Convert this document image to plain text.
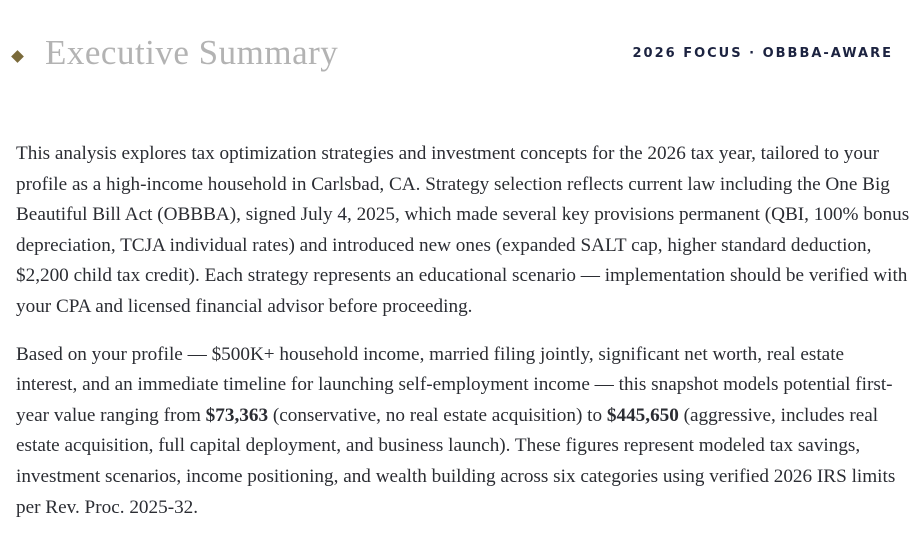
Executive Summary	2026 FOCUS · OBBBA-AWARE

This analysis explores tax optimization strategies and investment concepts for the 2026 tax year, tailored to your profile as a high-income household in Carlsbad, CA. Strategy selection reflects current law including the One Big Beautiful Bill Act (OBBBA), signed July 4, 2025, which made several key provisions permanent (QBI, 100% bonus depreciation, TCJA individual rates) and introduced new ones (expanded SALT cap, higher standard deduction, $2,200 child tax credit). Each strategy represents an educational scenario — implementation should be verified with your CPA and licensed financial advisor before proceeding.

Based on your profile — $500K+ household income, married filing jointly, significant net worth, real estate interest, and an immediate timeline for launching self-employment income — this snapshot models potential first-year value ranging from $73,363 (conservative, no real estate acquisition) to $445,650 (aggressive, includes real estate acquisition, full capital deployment, and business launch). These figures represent modeled tax savings, investment scenarios, income positioning, and wealth building across six categories using verified 2026 IRS limits per Rev. Proc. 2025-32.
